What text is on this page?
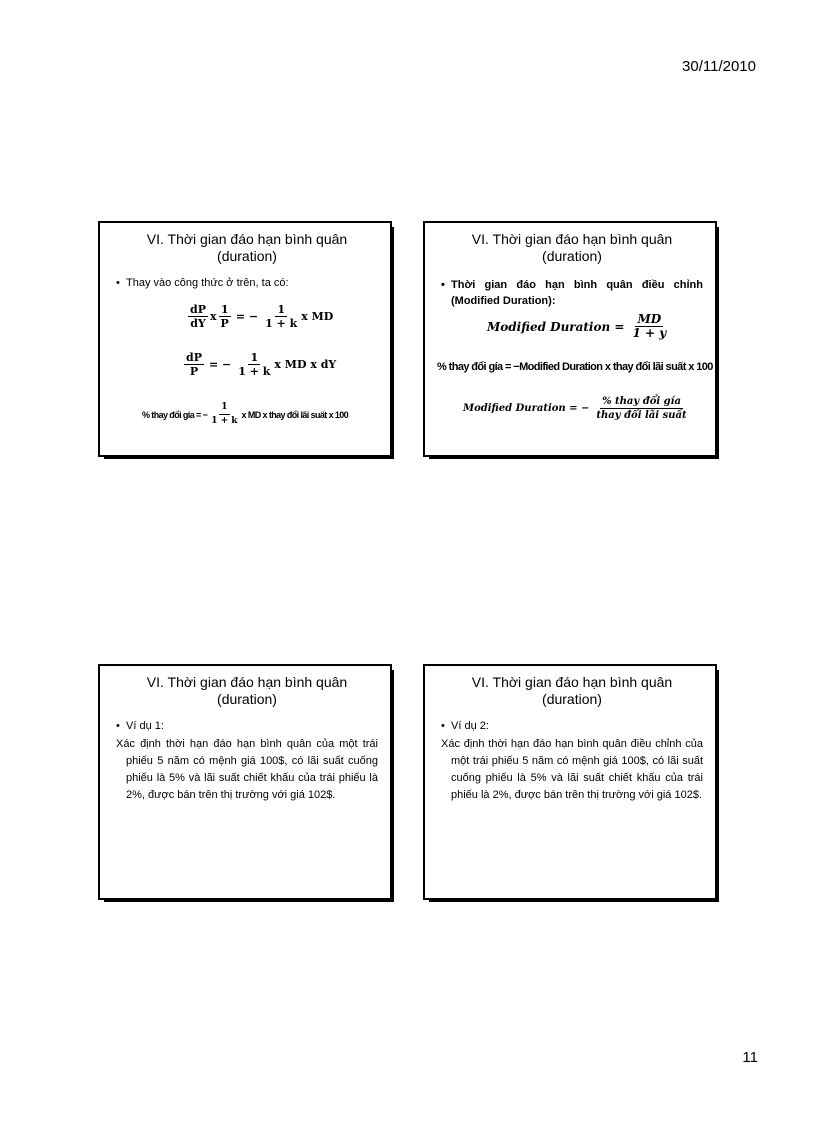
30/11/2010
VI. Thời gian đáo hạn bình quân
(duration)
• Thay vào công thức ở trên, ta có:
$\frac{dP}{dY}$ x $\frac{1}{P}$ = − $\frac{1}{1 + k}$ x MD
$\frac{dP}{P}$ = − $\frac{1}{1 + k}$ x MD x dY
% thay đổi gía = − $\frac{1}{1 + k}$ x MD x thay đổi lãi suất x 100
VI. Thời gian đáo hạn bình quân
(duration)
• Thời gian đáo hạn bình quân điều chỉnh (Modified Duration):
Modified Duration = $\frac{MD}{1 + y}$
% thay đổi gía = −Modified Duration x thay đổi lãi suất x 100
Modified Duration = − $\frac{\text{\% thay đổi gía}}{\text{thay đổi lãi suất}}$
VI. Thời gian đáo hạn bình quân
(duration)
• Ví dụ 1:
Xác định thời hạn đáo hạn bình quân của một trái phiếu 5 năm có mệnh giá 100$, có lãi suất cuống phiếu là 5% và lãi suất chiết khấu của trái phiếu là 2%, được bán trên thị trường với giá 102$.
VI. Thời gian đáo hạn bình quân
(duration)
• Ví dụ 2:
Xác định thời hạn đáo hạn bình quân điều chỉnh của một trái phiếu 5 năm có mệnh giá 100$, có lãi suất cuống phiếu là 5% và lãi suất chiết khấu của trái phiếu là 2%, được bán trên thị trường với giá 102$.
11
